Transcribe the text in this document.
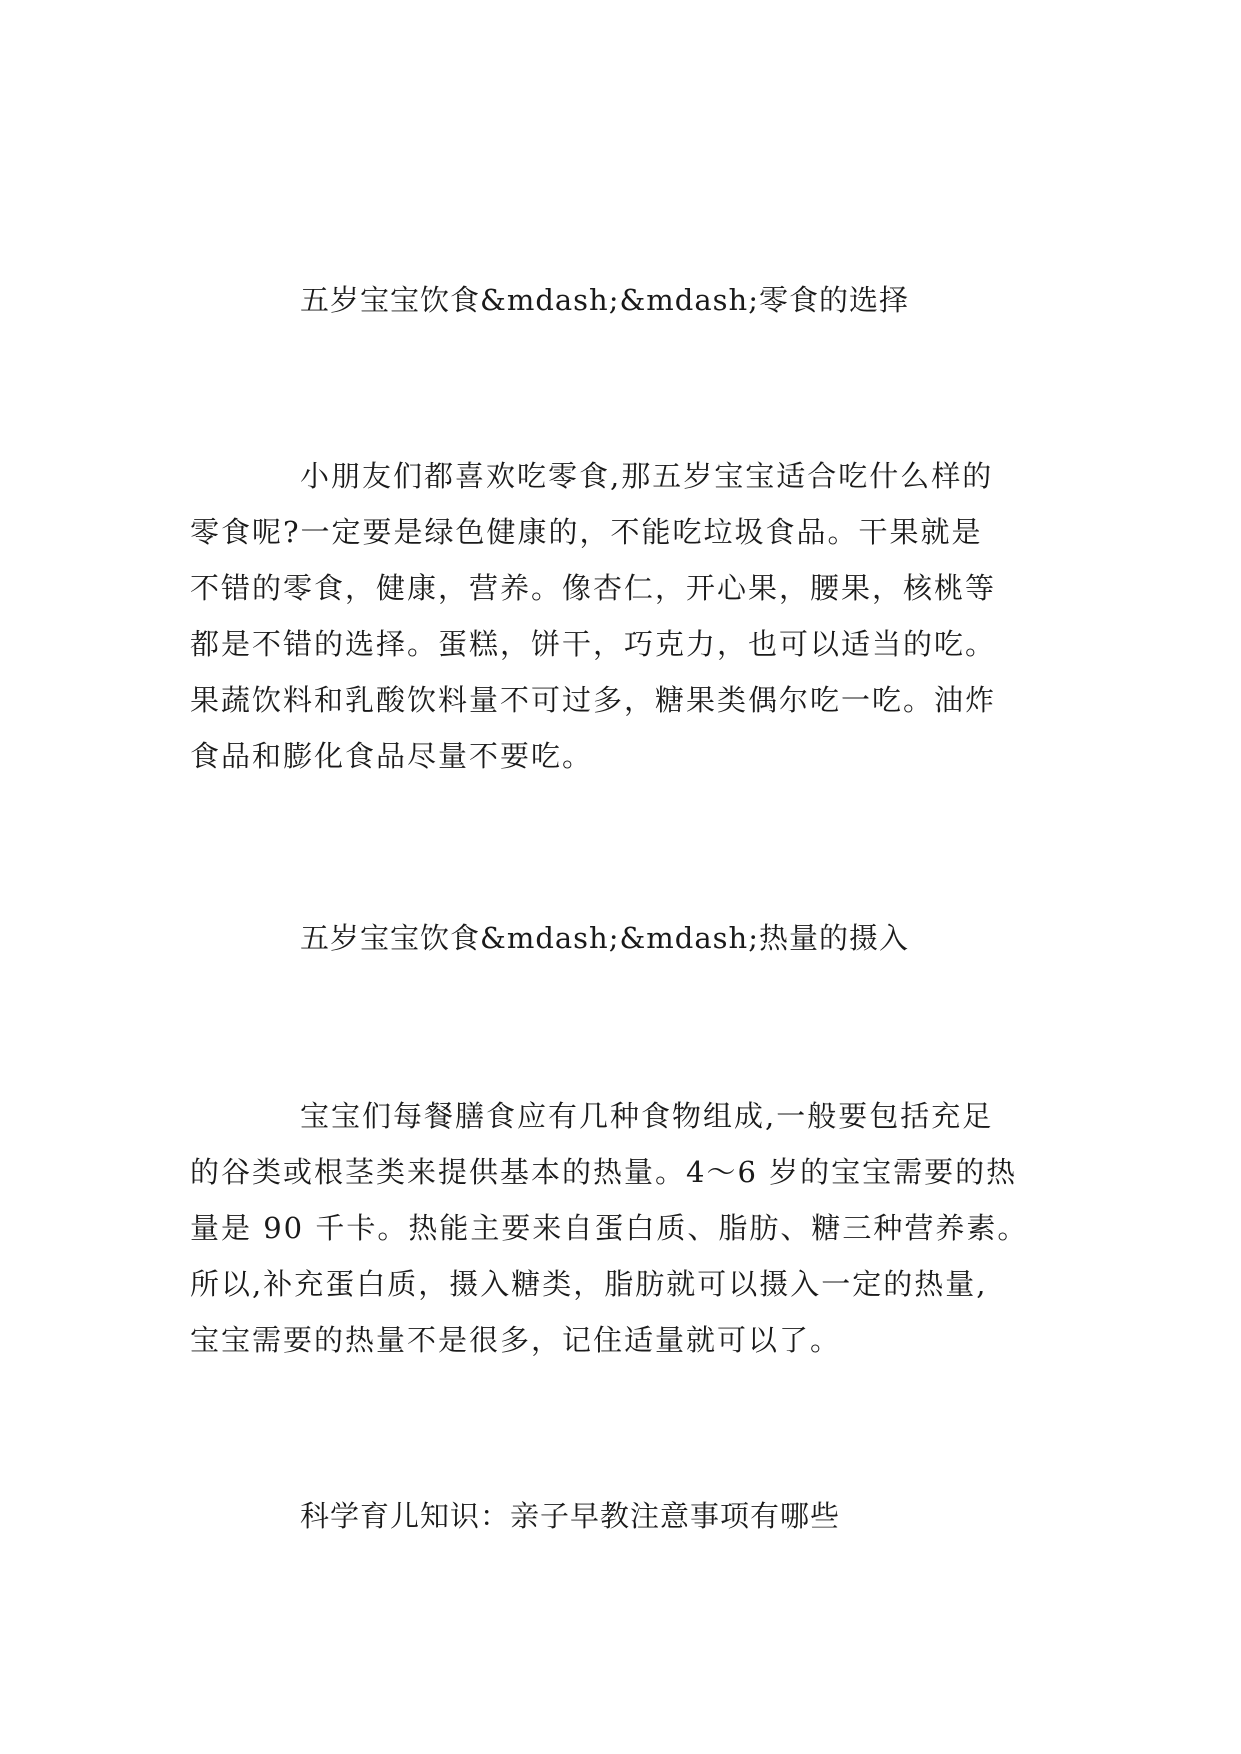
五岁宝宝饮食&mdash;&mdash;零食的选择
小朋友们都喜欢吃零食,那五岁宝宝适合吃什么样的
零食呢?一定要是绿色健康的，不能吃垃圾食品。干果就是
不错的零食，健康，营养。像杏仁，开心果，腰果，核桃等
都是不错的选择。蛋糕，饼干，巧克力，也可以适当的吃。
果蔬饮料和乳酸饮料量不可过多，糖果类偶尔吃一吃。油炸
食品和膨化食品尽量不要吃。
五岁宝宝饮食&mdash;&mdash;热量的摄入
宝宝们每餐膳食应有几种食物组成,一般要包括充足
的谷类或根茎类来提供基本的热量。4～6 岁的宝宝需要的热
量是 90 千卡。热能主要来自蛋白质、脂肪、糖三种营养素。
所以,补充蛋白质，摄入糖类，脂肪就可以摄入一定的热量,
宝宝需要的热量不是很多，记住适量就可以了。
科学育儿知识：亲子早教注意事项有哪些
